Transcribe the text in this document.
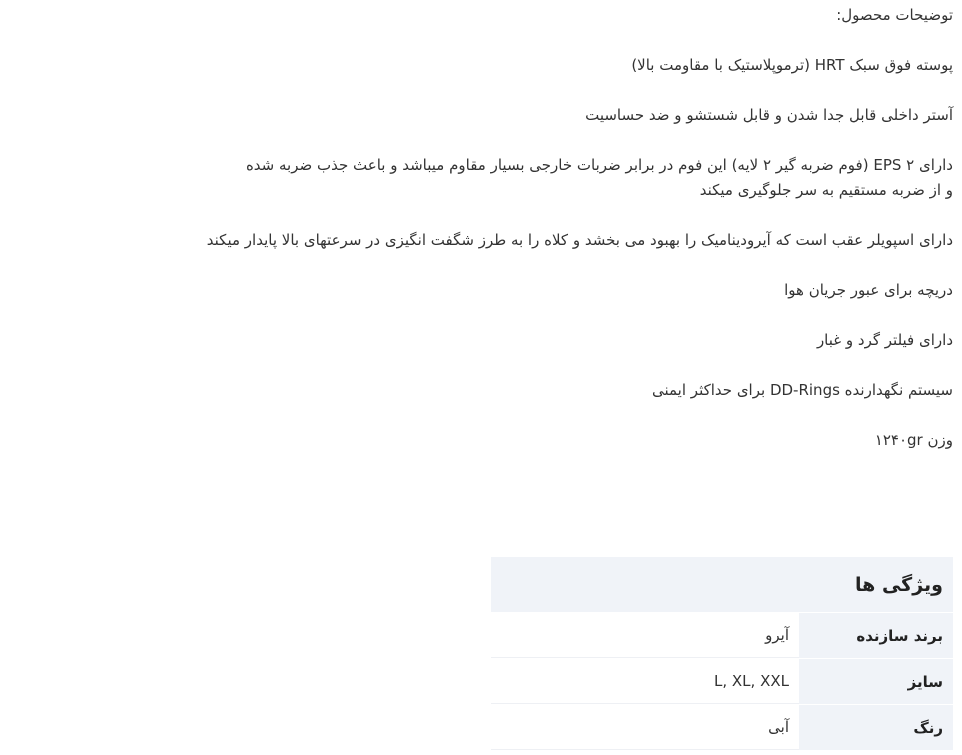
توضیحات محصول:

پوسته فوق سبک HRT (ترموپلاستیک با مقاومت بالا)

آستر داخلی قابل جدا شدن و قابل شستشو و ضد حساسیت

دارای EPS ۲ (فوم ضربه گیر ۲ لایه) این فوم در برابر ضربات خارجی بسیار مقاوم میباشد و باعث جذب ضربه شده
و از ضربه مستقیم به سر جلوگیری میکند

دارای اسپویلر عقب است که آیرودینامیک را بهبود می بخشد و کلاه را به طرز شگفت انگیزی در سرعتهای بالا پایدار میکند

دریچه برای عبور جریان هوا

دارای فیلتر گرد و غبار

سیستم نگهدارنده DD-Rings برای حداکثر ایمنی

وزن ۱۲۴۰gr

ویژگی ها
برند سازنده
آیرو
سایز
L, XL, XXL
رنگ
آبی
